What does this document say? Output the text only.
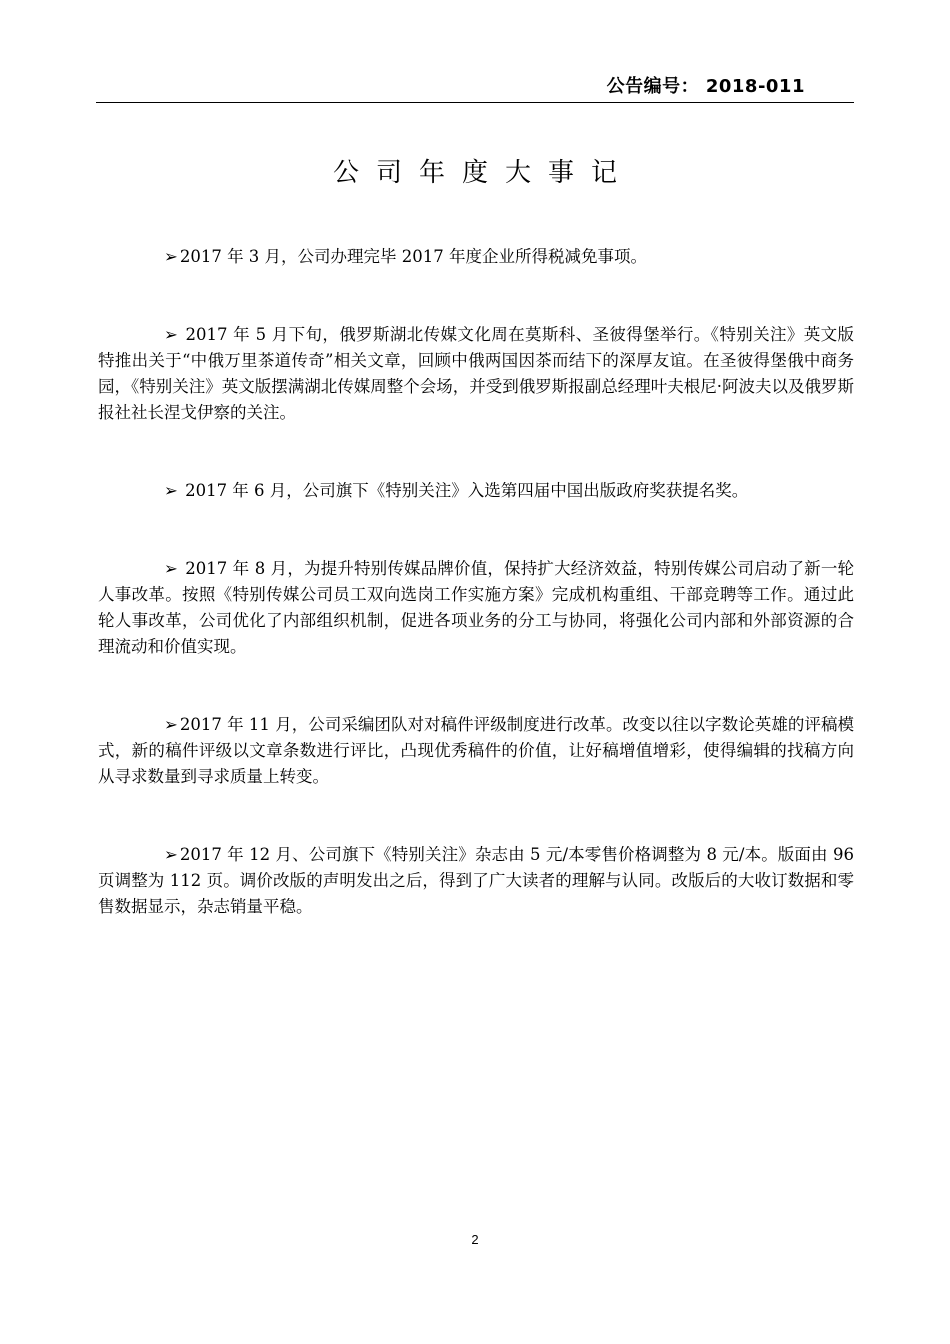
公告编号： 2018-011
公司年度大事记

➢ 2017 年 3 月，公司办理完毕 2017 年度企业所得税减免事项。

➢ 2017 年 5 月下旬，俄罗斯湖北传媒文化周在莫斯科、圣彼得堡举行。《特别关注》英文版特推出关于“中俄万里茶道传奇”相关文章，回顾中俄两国因茶而结下的深厚友谊。在圣彼得堡俄中商务园，《特别关注》英文版摆满湖北传媒周整个会场，并受到俄罗斯报副总经理叶夫根尼·阿波夫以及俄罗斯报社社长涅戈伊察的关注。

➢ 2017 年 6 月，公司旗下《特别关注》入选第四届中国出版政府奖获提名奖。

➢ 2017 年 8 月，为提升特别传媒品牌价值，保持扩大经济效益，特别传媒公司启动了新一轮人事改革。按照《特别传媒公司员工双向选岗工作实施方案》完成机构重组、干部竞聘等工作。通过此轮人事改革，公司优化了内部组织机制，促进各项业务的分工与协同，将强化公司内部和外部资源的合理流动和价值实现。

➢ 2017 年 11 月，公司采编团队对对稿件评级制度进行改革。改变以往以字数论英雄的评稿模式，新的稿件评级以文章条数进行评比，凸现优秀稿件的价值，让好稿增值增彩，使得编辑的找稿方向从寻求数量到寻求质量上转变。

➢ 2017 年 12 月、公司旗下《特别关注》杂志由 5 元/本零售价格调整为 8 元/本。版面由 96 页调整为 112 页。调价改版的声明发出之后，得到了广大读者的理解与认同。改版后的大收订数据和零售数据显示，杂志销量平稳。

2
